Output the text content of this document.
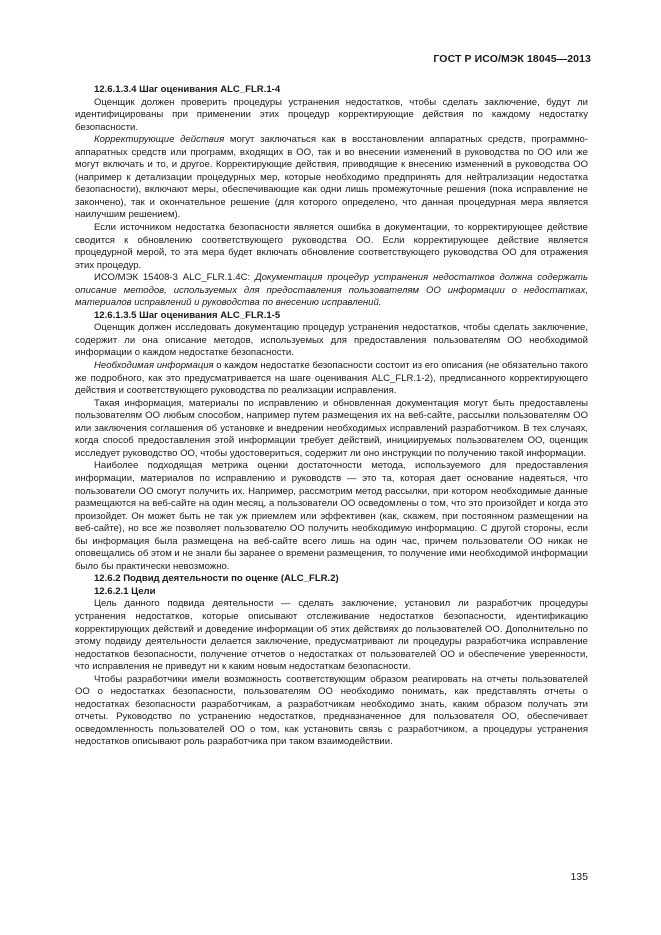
ГОСТ Р ИСО/МЭК 18045—2013

12.6.1.3.4 Шаг оценивания ALC_FLR.1-4

Оценщик должен проверить процедуры устранения недостатков, чтобы сделать заключение, будут ли идентифицированы при применении этих процедур корректирующие действия по каждому недостатку безопасности.

Корректирующие действия могут заключаться как в восстановлении аппаратных средств, программно-аппаратных средств или программ, входящих в ОО, так и во внесении изменений в руководства по ОО или же могут включать и то, и другое. Корректирующие действия, приводящие к внесению изменений в руководства ОО (например к детализации процедурных мер, которые необходимо предпринять для нейтрализации недостатка безопасности), включают меры, обеспечивающие как одни лишь промежуточные решения (пока исправление не закончено), так и окончательное решение (для которого определено, что данная процедурная мера является наилучшим решением).

Если источником недостатка безопасности является ошибка в документации, то корректирующее действие сводится к обновлению соответствующего руководства ОО. Если корректирующее действие является процедурной мерой, то эта мера будет включать обновление соответствующего руководства ОО для отражения этих процедур.

ИСО/МЭК 15408-3 ALC_FLR.1.4С: Документация процедур устранения недостатков должна содержать описание методов, используемых для предоставления пользователям ОО информации о недостатках, материалов исправлений и руководства по внесению исправлений.

12.6.1.3.5 Шаг оценивания ALC_FLR.1-5

Оценщик должен исследовать документацию процедур устранения недостатков, чтобы сделать заключение, содержит ли она описание методов, используемых для предоставления пользователям ОО необходимой информации о каждом недостатке безопасности.

Необходимая информация о каждом недостатке безопасности состоит из его описания (не обязательно такого же подробного, как это предусматривается на шаге оценивания ALC_FLR.1-2), предписанного корректирующего действия и соответствующего руководства по реализации исправления.

Такая информация, материалы по исправлению и обновленная документация могут быть предоставлены пользователям ОО любым способом, например путем размещения их на веб-сайте, рассылки пользователям ОО или заключения соглашения об установке и внедрении необходимых исправлений разработчиком. В тех случаях, когда способ предоставления этой информации требует действий, инициируемых пользователем ОО, оценщик исследует руководство ОО, чтобы удостовериться, содержит ли оно инструкции по получению такой информации.

Наиболее подходящая метрика оценки достаточности метода, используемого для предоставления информации, материалов по исправлению и руководств — это та, которая дает основание надеяться, что пользователи ОО смогут получить их. Например, рассмотрим метод рассылки, при котором необходимые данные размещаются на веб-сайте на один месяц, а пользователи ОО осведомлены о том, что это произойдет и когда это произойдет. Он может быть не так уж приемлем или эффективен (как, скажем, при постоянном размещении на веб-сайте), но все же позволяет пользователю ОО получить необходимую информацию. С другой стороны, если бы информация была размещена на веб-сайте всего лишь на один час, причем пользователи ОО никак не оповещались об этом и не знали бы заранее о времени размещения, то получение ими необходимой информации было бы практически невозможно.

12.6.2 Подвид деятельности по оценке (ALC_FLR.2)

12.6.2.1 Цели

Цель данного подвида деятельности — сделать заключение, установил ли разработчик процедуры устранения недостатков, которые описывают отслеживание недостатков безопасности, идентификацию корректирующих действий и доведение информации об этих действиях до пользователей ОО. Дополнительно по этому подвиду деятельности делается заключение, предусматривают ли процедуры разработчика исправление недостатков безопасности, получение отчетов о недостатках от пользователей ОО и обеспечение уверенности, что исправления не приведут ни к каким новым недостаткам безопасности.

Чтобы разработчики имели возможность соответствующим образом реагировать на отчеты пользователей ОО о недостатках безопасности, пользователям ОО необходимо понимать, как представлять отчеты о недостатках безопасности разработчикам, а разработчикам необходимо знать, каким образом получать эти отчеты. Руководство по устранению недостатков, предназначенное для пользователя ОО, обеспечивает осведомленность пользователей ОО о том, как установить связь с разработчиком, а процедуры устранения недостатков описывают роль разработчика при таком взаимодействии.

135
